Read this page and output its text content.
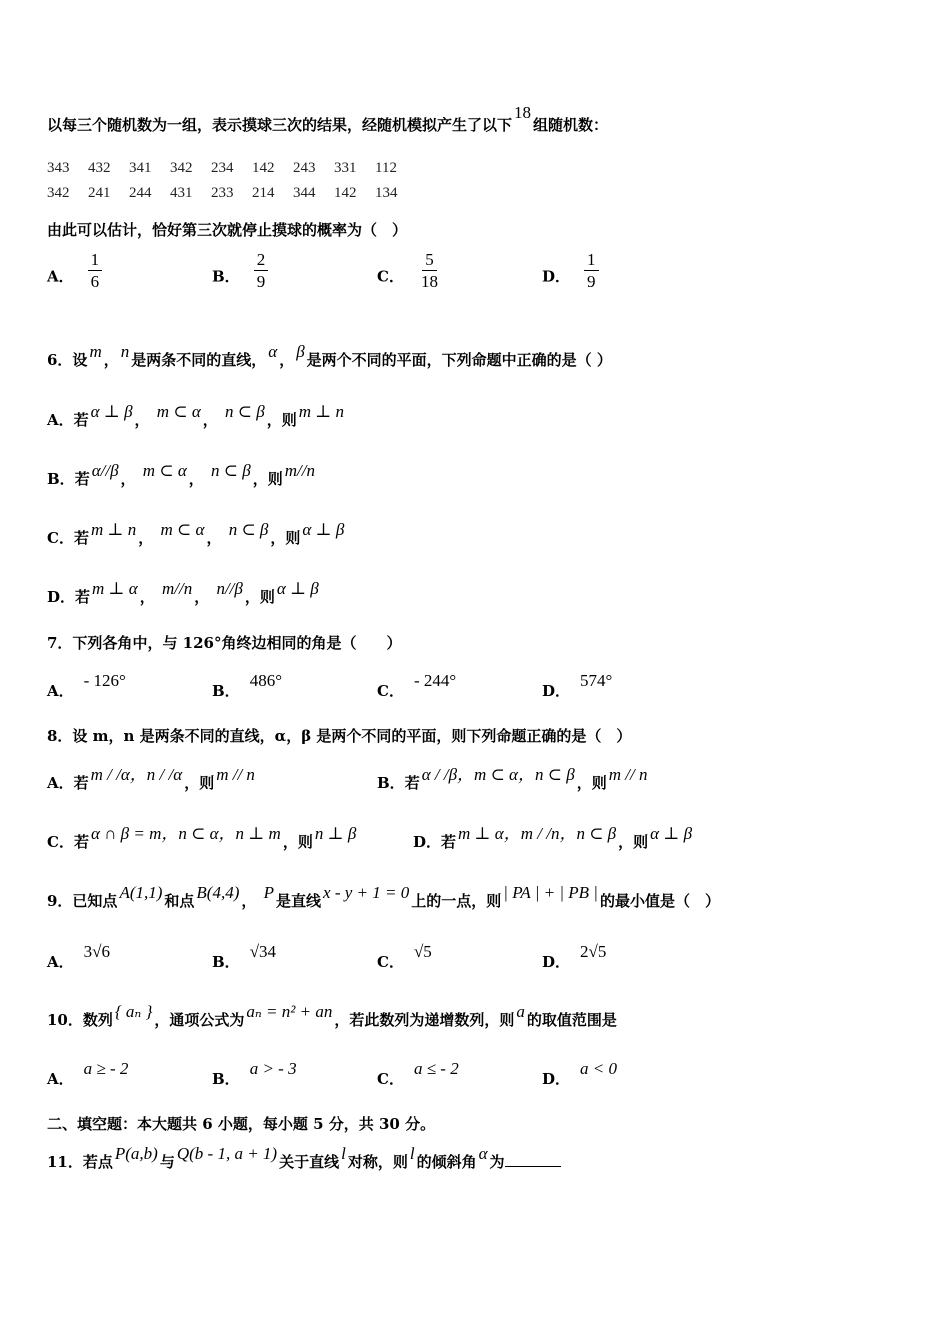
以每三个随机数为一组，表示摸球三次的结果，经随机模拟产生了以下18组随机数：
343 432 341 342 234 142 243 331 112
342 241 244 431 233 214 344 142 134
由此可以估计，恰好第三次就停止摸球的概率为（　）
A． $\frac{1}{6}$	B． $\frac{2}{9}$	C． $\frac{5}{18}$	D． $\frac{1}{9}$
6．设 m ， n 是两条不同的直线， α ， β 是两个不同的平面，下列命题中正确的是（ ）
A．若 α ⊥ β ， m ⊂ α ， n ⊂ β ，则 m ⊥ n
B．若 α//β ， m ⊂ α ， n ⊂ β ，则 m//n
C．若 m ⊥ n ， m ⊂ α ， n ⊂ β ，则 α ⊥ β
D．若 m ⊥ α ， m//n ， n//β ，则 α ⊥ β
7．下列各角中，与 126°角终边相同的角是（　　）
A．- 126°
B．486°
C．- 244°
D．574°
8．设 m，n 是两条不同的直线，α，β 是两个不同的平面，则下列命题正确的是（　）
A．若 m / /α，n / /α ，则 m // n	B．若 α / /β，m ⊂ α，n ⊂ β ，则 m // n
C．若 α ∩ β = m，n ⊂ α，n ⊥ m ，则 n ⊥ β	D．若 m ⊥ α，m / /n，n ⊂ β ，则 α ⊥ β
9．已知点 A(1,1) 和点 B(4,4) ， P 是直线 x - y + 1 = 0 上的一点，则 | PA | + | PB | 的最小值是（　）
A．3√6
B．√34
C．√5
D．2√5
10．数列 { aₙ } ，通项公式为 aₙ = n² + an ，若此数列为递增数列，则 a 的取值范围是
A．a ≥ - 2
B．a > - 3
C．a ≤ - 2
D．a < 0
二、填空题：本大题共 6 小题，每小题 5 分，共 30 分。
11．若点 P(a,b) 与 Q(b - 1, a + 1) 关于直线 l 对称，则 l 的倾斜角 α 为
